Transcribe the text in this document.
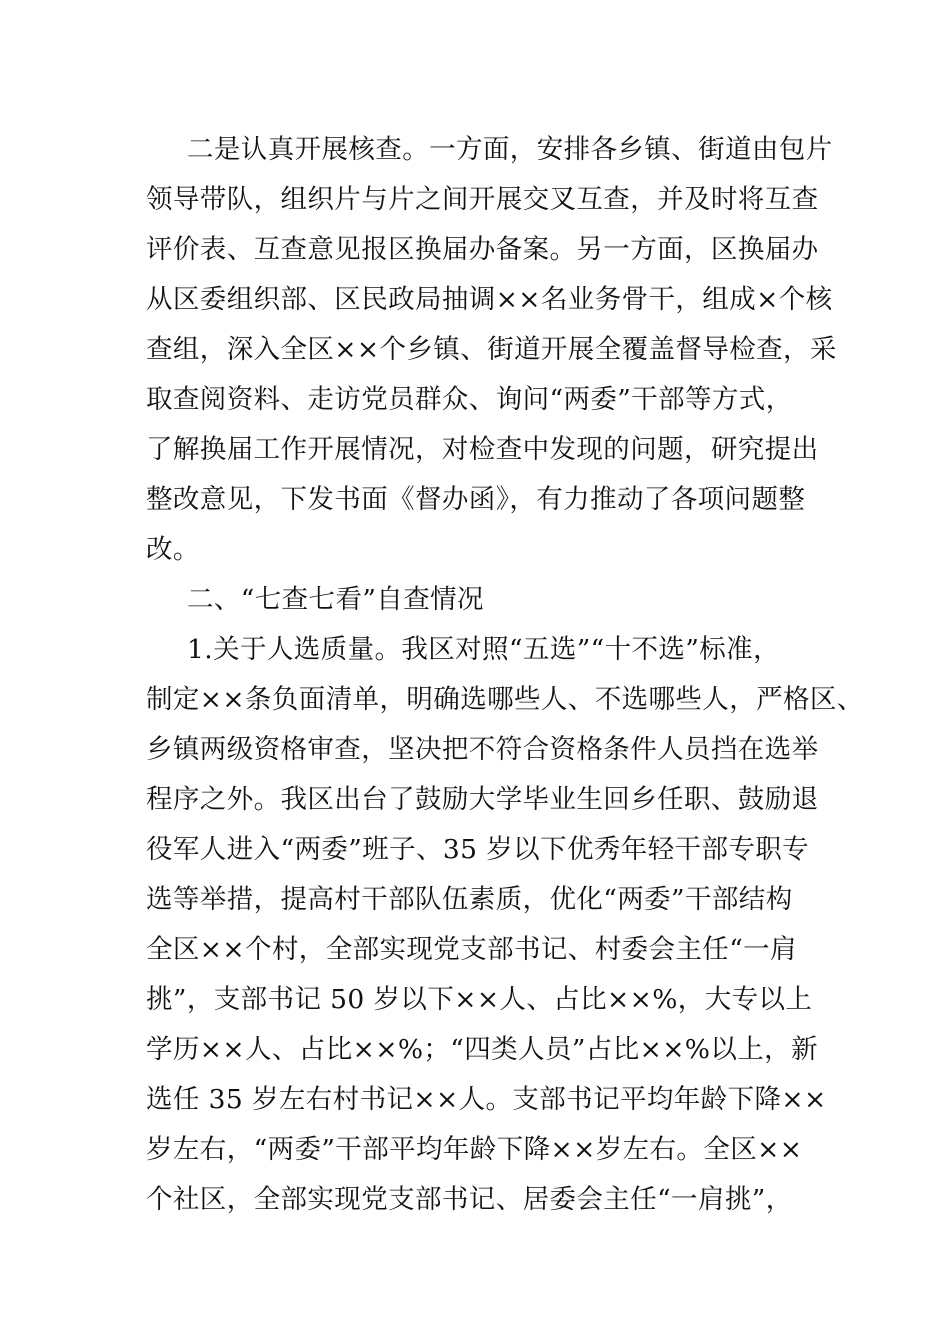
二是认真开展核查。一方面，安排各乡镇、街道由包片
领导带队，组织片与片之间开展交叉互查，并及时将互查
评价表、互查意见报区换届办备案。另一方面，区换届办
从区委组织部、区民政局抽调××名业务骨干，组成×个核
查组，深入全区××个乡镇、街道开展全覆盖督导检查，采
取查阅资料、走访党员群众、询问“两委”干部等方式，
了解换届工作开展情况，对检查中发现的问题，研究提出
整改意见，下发书面《督办函》，有力推动了各项问题整
改。
二、“七查七看”自查情况
1.关于人选质量。我区对照“五选”“十不选”标准，
制定××条负面清单，明确选哪些人、不选哪些人，严格区、
乡镇两级资格审查，坚决把不符合资格条件人员挡在选举
程序之外。我区出台了鼓励大学毕业生回乡任职、鼓励退
役军人进入“两委”班子、35 岁以下优秀年轻干部专职专
选等举措，提高村干部队伍素质，优化“两委”干部结构
全区××个村，全部实现党支部书记、村委会主任“一肩
挑”，支部书记 50 岁以下××人、占比××%，大专以上
学历××人、占比××%；“四类人员”占比××%以上，新
选任 35 岁左右村书记××人。支部书记平均年龄下降××
岁左右，“两委”干部平均年龄下降××岁左右。全区××
个社区，全部实现党支部书记、居委会主任“一肩挑”，
